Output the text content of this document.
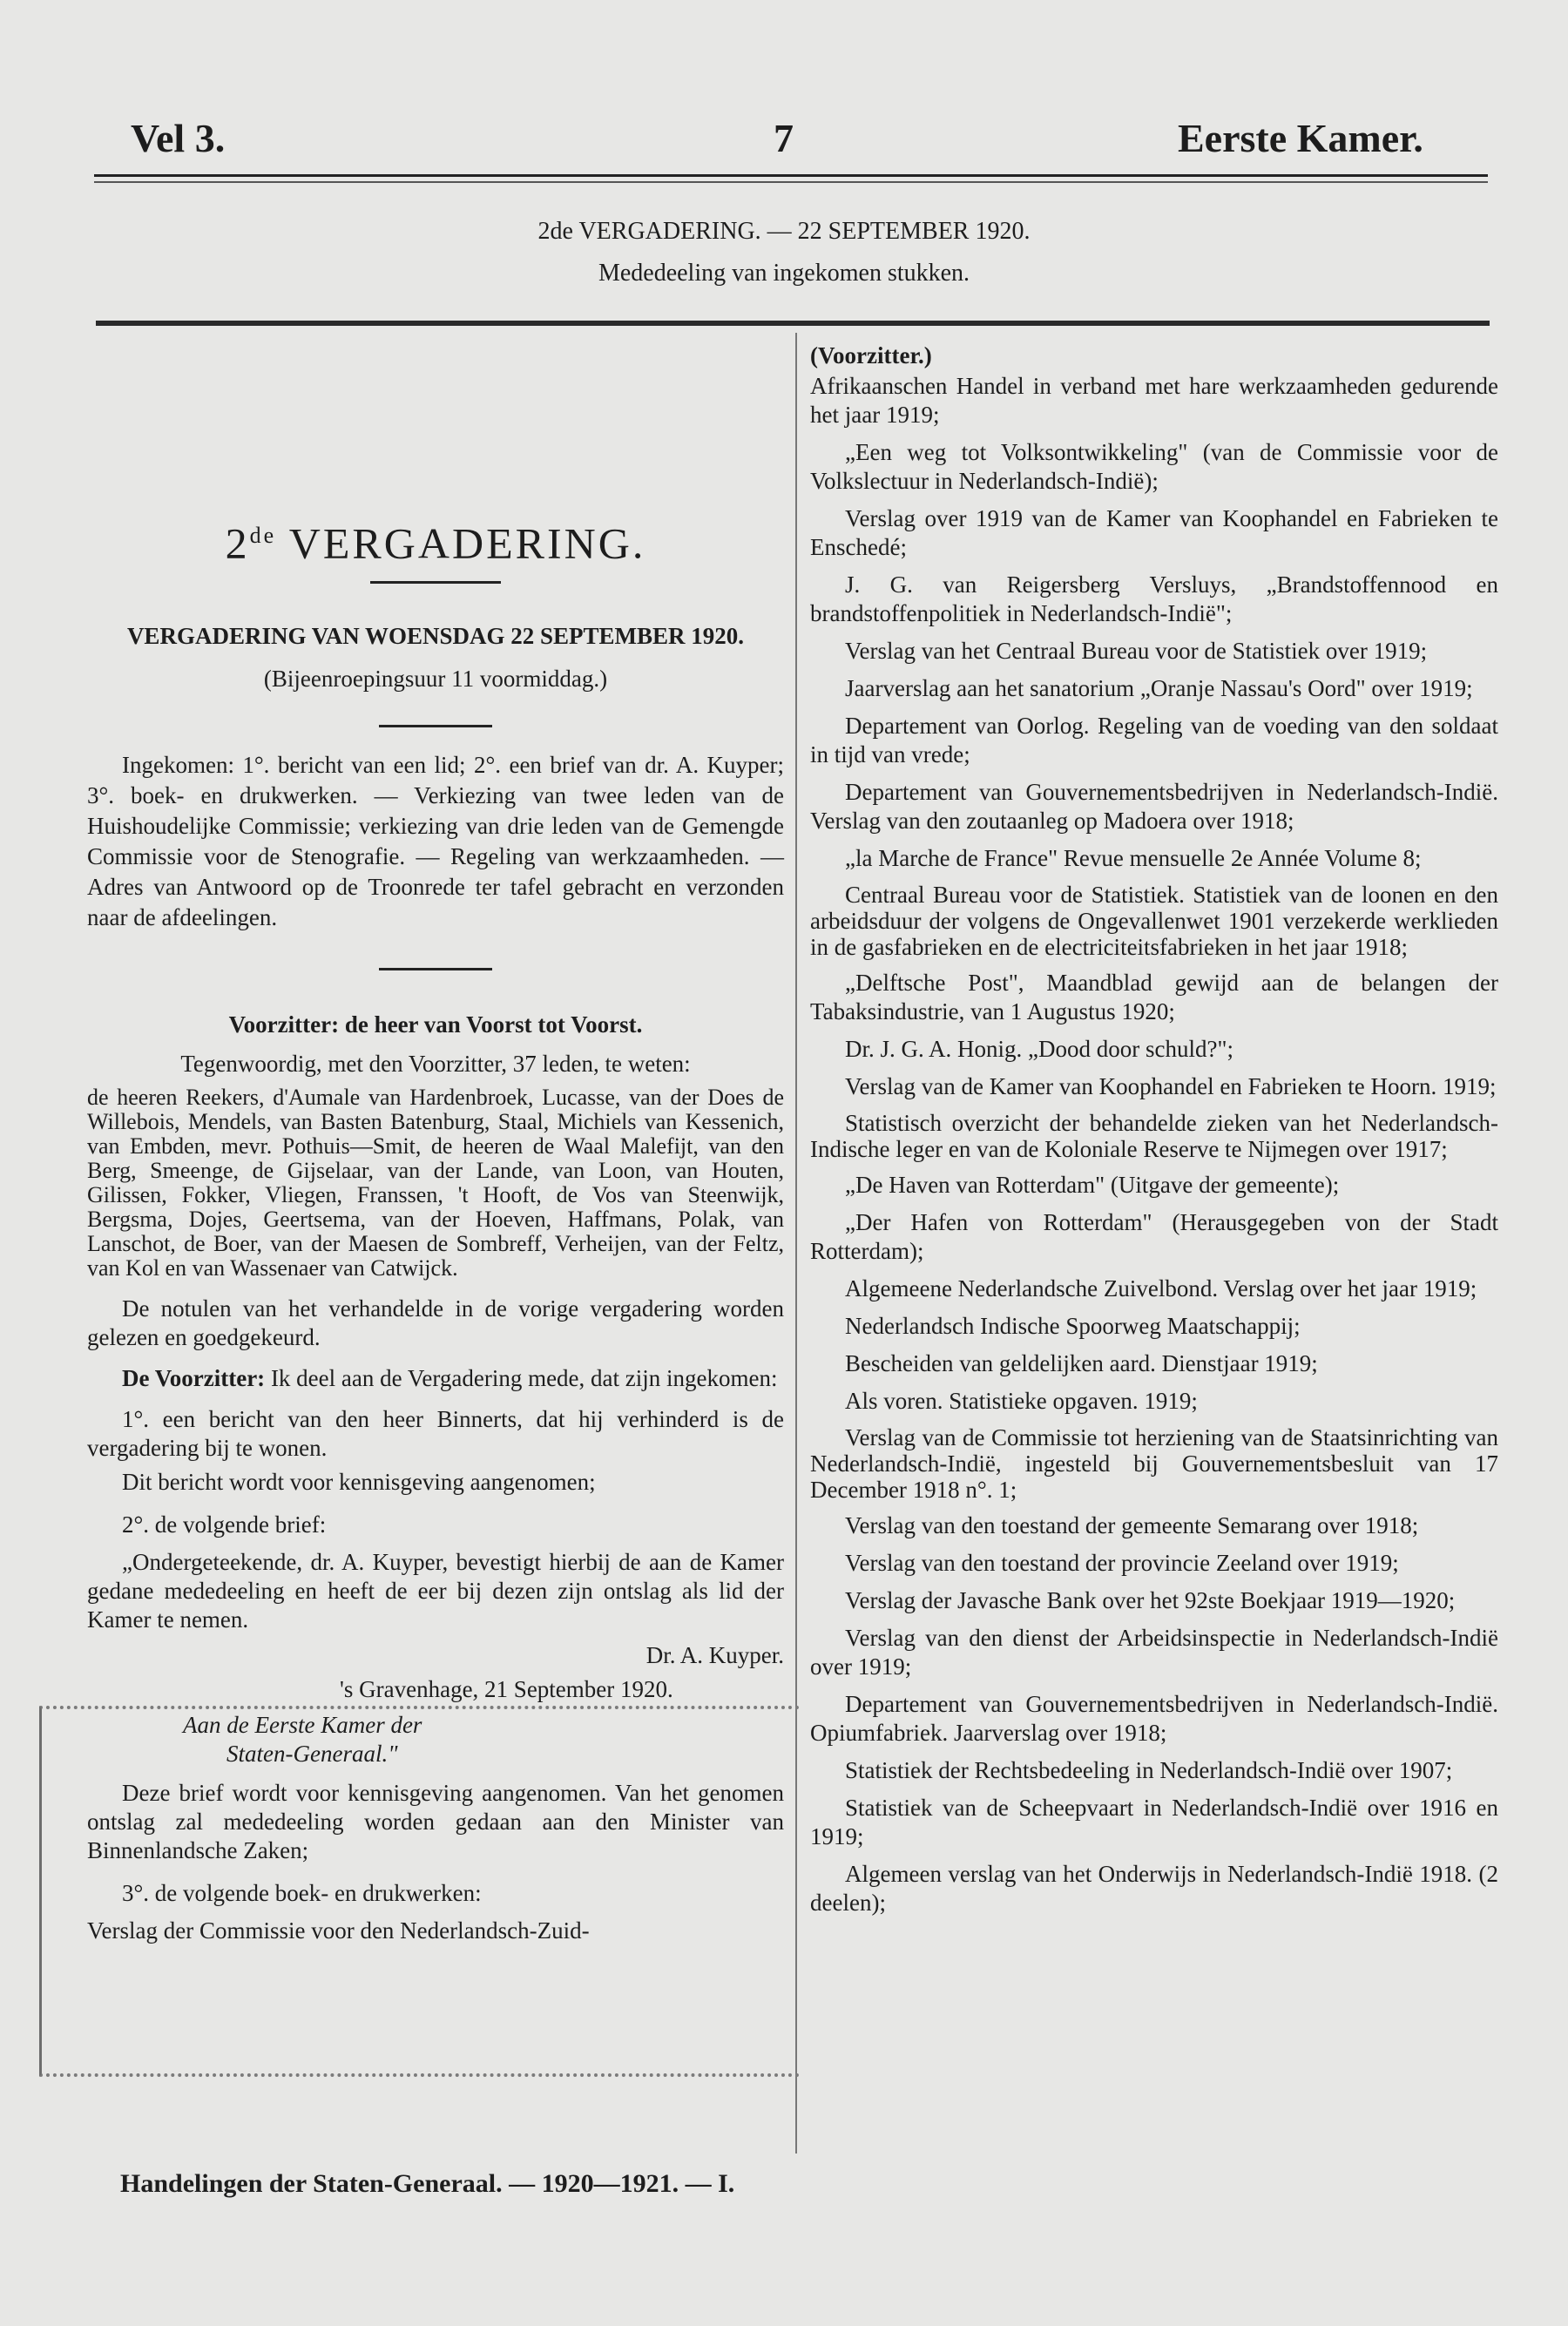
Vel 3.	7	Eerste Kamer.
2de VERGADERING. — 22 SEPTEMBER 1920.
Mededeeling van ingekomen stukken.
2de VERGADERING.

VERGADERING VAN WOENSDAG 22 SEPTEMBER 1920.

(Bijeenroepingsuur 11 voormiddag.)

Ingekomen: 1°. bericht van een lid; 2°. een brief van dr. A. Kuyper; 3°. boek- en drukwerken. — Verkiezing van twee leden van de Huishoudelijke Commissie; verkiezing van drie leden van de Gemengde Commissie voor de Stenografie. — Regeling van werkzaamheden. — Adres van Antwoord op de Troonrede ter tafel gebracht en verzonden naar de afdeelingen.

Voorzitter: de heer van Voorst tot Voorst.

Tegenwoordig, met den Voorzitter, 37 leden, te weten:

de heeren Reekers, d'Aumale van Hardenbroek, Lucasse, van der Does de Willebois, Mendels, van Basten Batenburg, Staal, Michiels van Kessenich, van Embden, mevr. Pothuis—Smit, de heeren de Waal Malefijt, van den Berg, Smeenge, de Gijselaar, van der Lande, van Loon, van Houten, Gilissen, Fokker, Vliegen, Franssen, 't Hooft, de Vos van Steenwijk, Bergsma, Dojes, Geertsema, van der Hoeven, Haffmans, Polak, van Lanschot, de Boer, van der Maesen de Sombreff, Verheijen, van der Feltz, van Kol en van Wassenaer van Catwijck.

De notulen van het verhandelde in de vorige vergadering worden gelezen en goedgekeurd.

De Voorzitter: Ik deel aan de Vergadering mede, dat zijn ingekomen:

1°. een bericht van den heer Binnerts, dat hij verhinderd is de vergadering bij te wonen.

Dit bericht wordt voor kennisgeving aangenomen;

2°. de volgende brief:

„Ondergeteekende, dr. A. Kuyper, bevestigt hierbij de aan de Kamer gedane mededeeling en heeft de eer bij dezen zijn ontslag als lid der Kamer te nemen.

Dr. A. Kuyper.

's Gravenhage, 21 September 1920.

Aan de Eerste Kamer der

Staten-Generaal."

Deze brief wordt voor kennisgeving aangenomen. Van het genomen ontslag zal mededeeling worden gedaan aan den Minister van Binnenlandsche Zaken;

3°. de volgende boek- en drukwerken:

Verslag der Commissie voor den Nederlandsch-Zuid-

(Voorzitter.)

Afrikaanschen Handel in verband met hare werkzaamheden gedurende het jaar 1919;

„Een weg tot Volksontwikkeling" (van de Commissie voor de Volkslectuur in Nederlandsch-Indië);

Verslag over 1919 van de Kamer van Koophandel en Fabrieken te Enschedé;

J. G. van Reigersberg Versluys, „Brandstoffennood en brandstoffenpolitiek in Nederlandsch-Indië";

Verslag van het Centraal Bureau voor de Statistiek over 1919;

Jaarverslag aan het sanatorium „Oranje Nassau's Oord" over 1919;

Departement van Oorlog. Regeling van de voeding van den soldaat in tijd van vrede;

Departement van Gouvernementsbedrijven in Nederlandsch-Indië. Verslag van den zoutaanleg op Madoera over 1918;

„la Marche de France" Revue mensuelle 2e Année Volume 8;

Centraal Bureau voor de Statistiek. Statistiek van de loonen en den arbeidsduur der volgens de Ongevallenwet 1901 verzekerde werklieden in de gasfabrieken en de electriciteitsfabrieken in het jaar 1918;

„Delftsche Post", Maandblad gewijd aan de belangen der Tabaksindustrie, van 1 Augustus 1920;

Dr. J. G. A. Honig. „Dood door schuld?";

Verslag van de Kamer van Koophandel en Fabrieken te Hoorn. 1919;

Statistisch overzicht der behandelde zieken van het Nederlandsch-Indische leger en van de Koloniale Reserve te Nijmegen over 1917;

„De Haven van Rotterdam" (Uitgave der gemeente);

„Der Hafen von Rotterdam" (Herausgegeben von der Stadt Rotterdam);

Algemeene Nederlandsche Zuivelbond. Verslag over het jaar 1919;

Nederlandsch Indische Spoorweg Maatschappij;

Bescheiden van geldelijken aard. Dienstjaar 1919;

Als voren. Statistieke opgaven. 1919;

Verslag van de Commissie tot herziening van de Staatsinrichting van Nederlandsch-Indië, ingesteld bij Gouvernementsbesluit van 17 December 1918 n°. 1;

Verslag van den toestand der gemeente Semarang over 1918;

Verslag van den toestand der provincie Zeeland over 1919;

Verslag der Javasche Bank over het 92ste Boekjaar 1919—1920;

Verslag van den dienst der Arbeidsinspectie in Nederlandsch-Indië over 1919;

Departement van Gouvernementsbedrijven in Nederlandsch-Indië. Opiumfabriek. Jaarverslag over 1918;

Statistiek der Rechtsbedeeling in Nederlandsch-Indië over 1907;

Statistiek van de Scheepvaart in Nederlandsch-Indië over 1916 en 1919;

Algemeen verslag van het Onderwijs in Nederlandsch-Indië 1918. (2 deelen);

Handelingen der Staten-Generaal. — 1920—1921. — I.
